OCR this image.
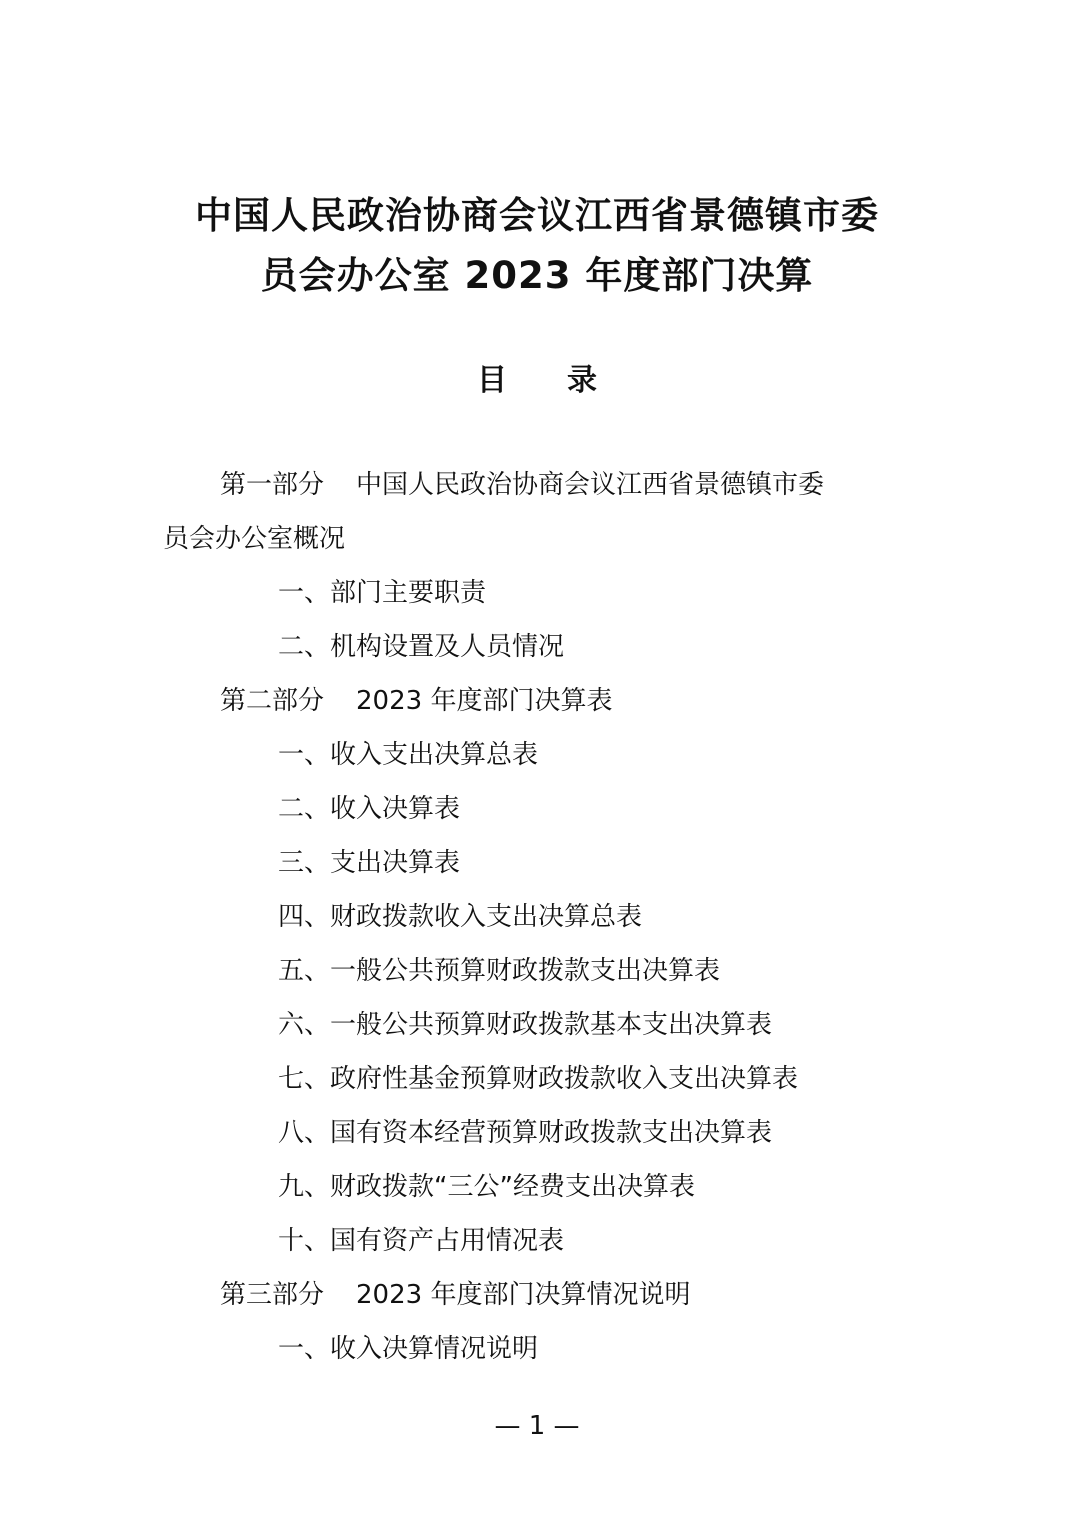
中国人民政治协商会议江西省景德镇市委
员会办公室 2023 年度部门决算
目 录
第一部分 中国人民政治协商会议江西省景德镇市委
员会办公室概况
一、部门主要职责
二、机构设置及人员情况
第二部分 2023 年度部门决算表
一、收入支出决算总表
二、收入决算表
三、支出决算表
四、财政拨款收入支出决算总表
五、一般公共预算财政拨款支出决算表
六、一般公共预算财政拨款基本支出决算表
七、政府性基金预算财政拨款收入支出决算表
八、国有资本经营预算财政拨款支出决算表
九、财政拨款“三公”经费支出决算表
十、国有资产占用情况表
第三部分 2023 年度部门决算情况说明
一、收入决算情况说明
— 1 —
